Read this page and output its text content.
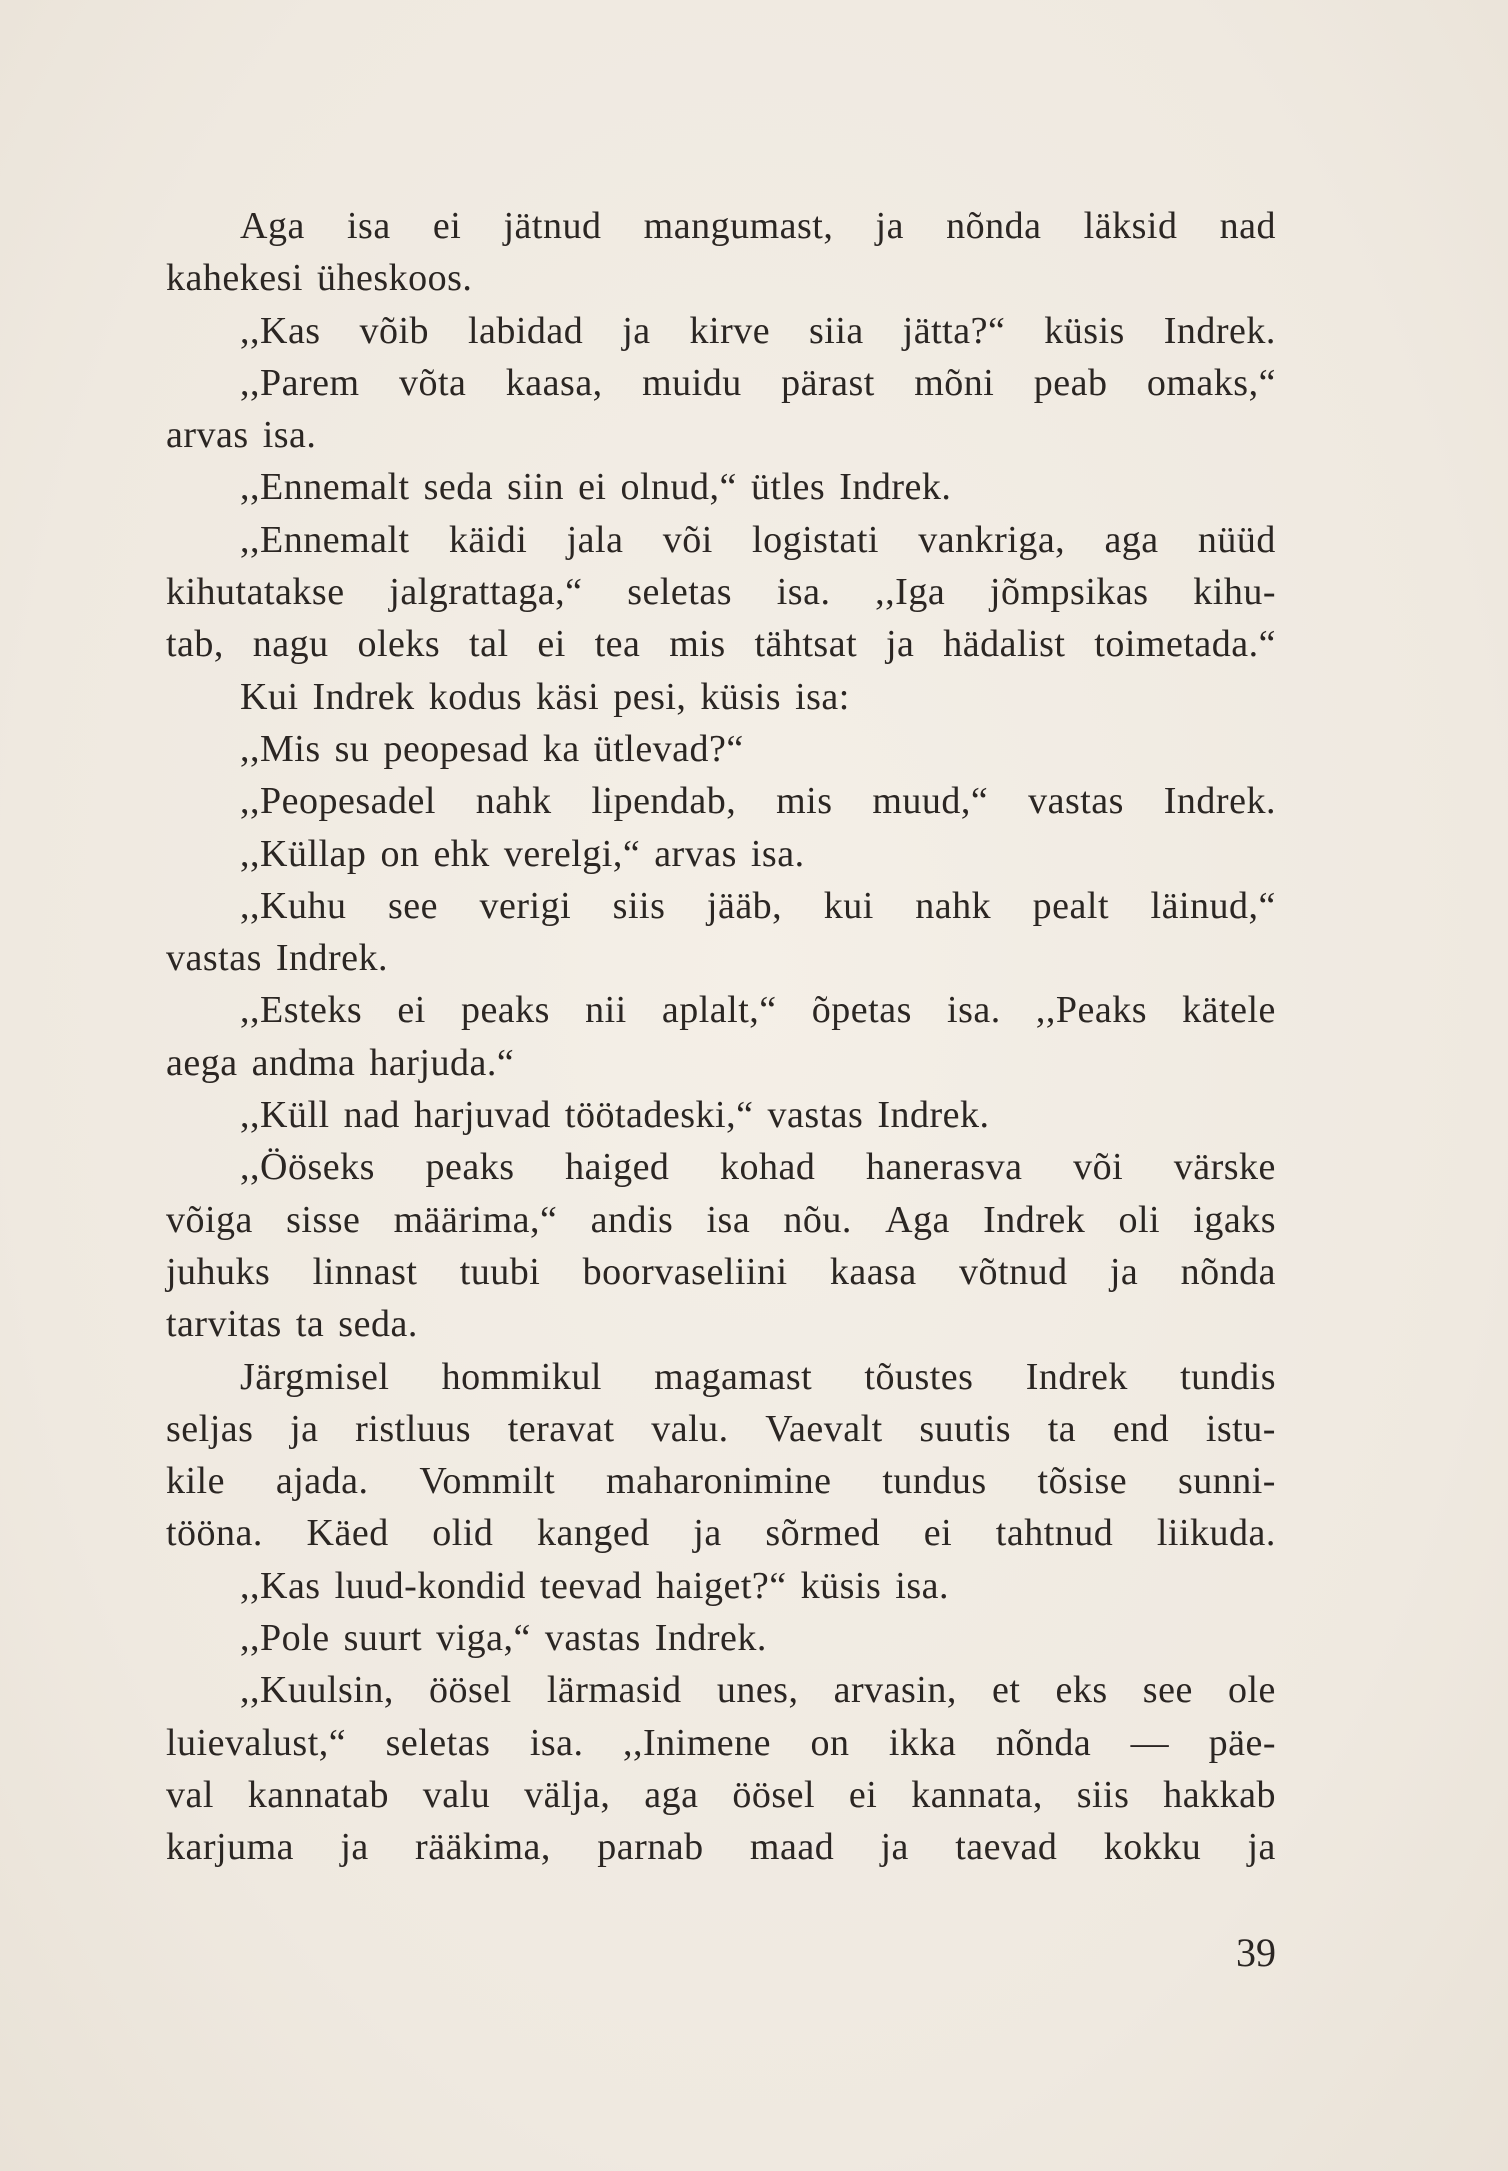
Aga isa ei jätnud mangumast, ja nõnda läksid nad
kahekesi üheskoos.
,,Kas võib labidad ja kirve siia jätta?“ küsis Indrek.
,,Parem võta kaasa, muidu pärast mõni peab omaks,“
arvas isa.
,,Ennemalt seda siin ei olnud,“ ütles Indrek.
,,Ennemalt käidi jala või logistati vankriga, aga nüüd
kihutatakse jalgrattaga,“ seletas isa. ,,Iga jõmpsikas kihu-
tab, nagu oleks tal ei tea mis tähtsat ja hädalist toimetada.“
Kui Indrek kodus käsi pesi, küsis isa:
,,Mis su peopesad ka ütlevad?“
,,Peopesadel nahk lipendab, mis muud,“ vastas Indrek.
,,Küllap on ehk verelgi,“ arvas isa.
,,Kuhu see verigi siis jääb, kui nahk pealt läinud,“
vastas Indrek.
,,Esteks ei peaks nii aplalt,“ õpetas isa. ,,Peaks kätele
aega andma harjuda.“
,,Küll nad harjuvad töötadeski,“ vastas Indrek.
,,Ööseks peaks haiged kohad hanerasva või värske
võiga sisse määrima,“ andis isa nõu. Aga Indrek oli igaks
juhuks linnast tuubi boorvaseliini kaasa võtnud ja nõnda
tarvitas ta seda.
Järgmisel hommikul magamast tõustes Indrek tundis
seljas ja ristluus teravat valu. Vaevalt suutis ta end istu-
kile ajada. Vommilt maharonimine tundus tõsise sunni-
tööna. Käed olid kanged ja sõrmed ei tahtnud liikuda.
,,Kas luud-kondid teevad haiget?“ küsis isa.
,,Pole suurt viga,“ vastas Indrek.
,,Kuulsin, öösel lärmasid unes, arvasin, et eks see ole
luievalust,“ seletas isa. ,,Inimene on ikka nõnda — päe-
val kannatab valu välja, aga öösel ei kannata, siis hakkab
karjuma ja rääkima, parnab maad ja taevad kokku ja
39
